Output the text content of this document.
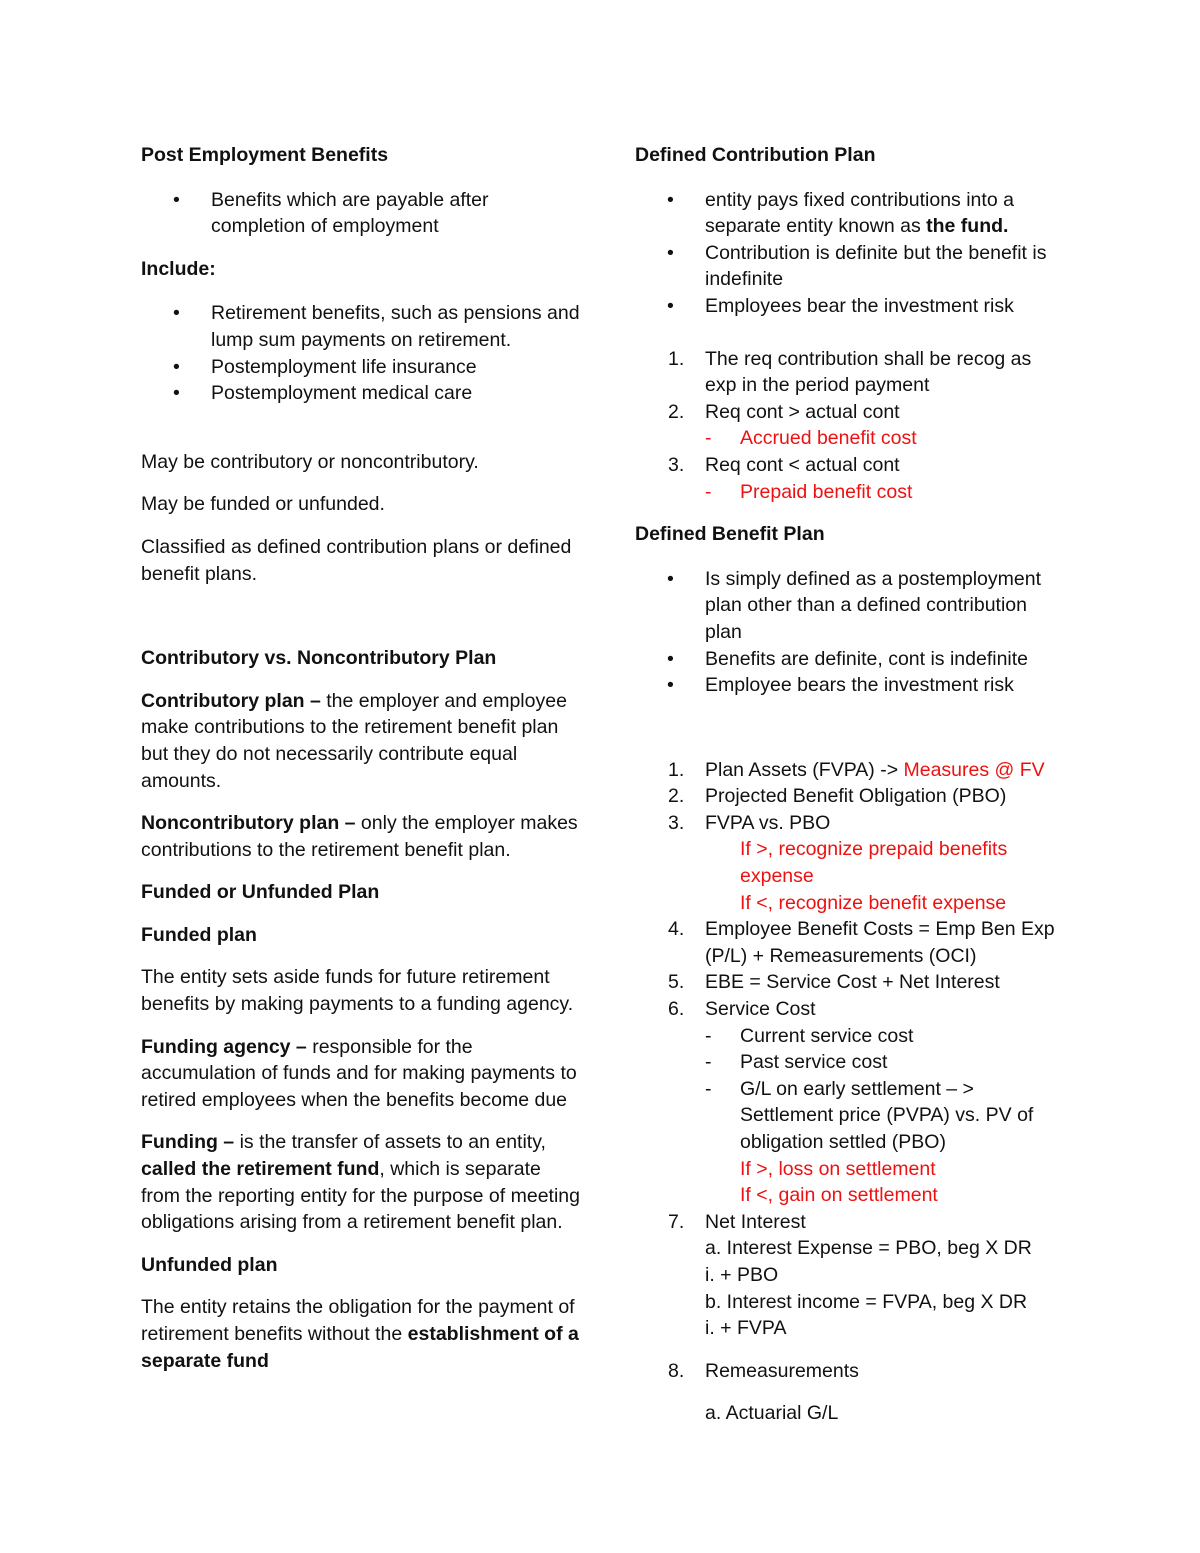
Post Employment Benefits

• Benefits which are payable after completion of employment

Include:

• Retirement benefits, such as pensions and lump sum payments on retirement.
• Postemployment life insurance
• Postemployment medical care

May be contributory or noncontributory.

May be funded or unfunded.

Classified as defined contribution plans or defined benefit plans.

Contributory vs. Noncontributory Plan

Contributory plan – the employer and employee make contributions to the retirement benefit plan but they do not necessarily contribute equal amounts.

Noncontributory plan – only the employer makes contributions to the retirement benefit plan.

Funded or Unfunded Plan

Funded plan

The entity sets aside funds for future retirement benefits by making payments to a funding agency.

Funding agency – responsible for the accumulation of funds and for making payments to retired employees when the benefits become due

Funding – is the transfer of assets to an entity, called the retirement fund, which is separate from the reporting entity for the purpose of meeting obligations arising from a retirement benefit plan.

Unfunded plan

The entity retains the obligation for the payment of retirement benefits without the establishment of a separate fund

Defined Contribution Plan

• entity pays fixed contributions into a separate entity known as the fund.
• Contribution is definite but the benefit is indefinite
• Employees bear the investment risk
1. The req contribution shall be recog as exp in the period payment
2. Req cont > actual cont
- Accrued benefit cost
3. Req cont < actual cont
- Prepaid benefit cost

Defined Benefit Plan

• Is simply defined as a postemployment plan other than a defined contribution plan
• Benefits are definite, cont is indefinite
• Employee bears the investment risk
1. Plan Assets (FVPA) -> Measures @ FV
2. Projected Benefit Obligation (PBO)
3. FVPA vs. PBO
If >, recognize prepaid benefits expense
If <, recognize benefit expense
4. Employee Benefit Costs = Emp Ben Exp (P/L) + Remeasurements (OCI)
5. EBE = Service Cost + Net Interest
6. Service Cost
- Current service cost
- Past service cost
- G/L on early settlement – > Settlement price (PVPA) vs. PV of obligation settled (PBO)
If >, loss on settlement
If <, gain on settlement
7. Net Interest
a. Interest Expense = PBO, beg X DR
i. + PBO
b. Interest income = FVPA, beg X DR
i. + FVPA
8. Remeasurements
a. Actuarial G/L
